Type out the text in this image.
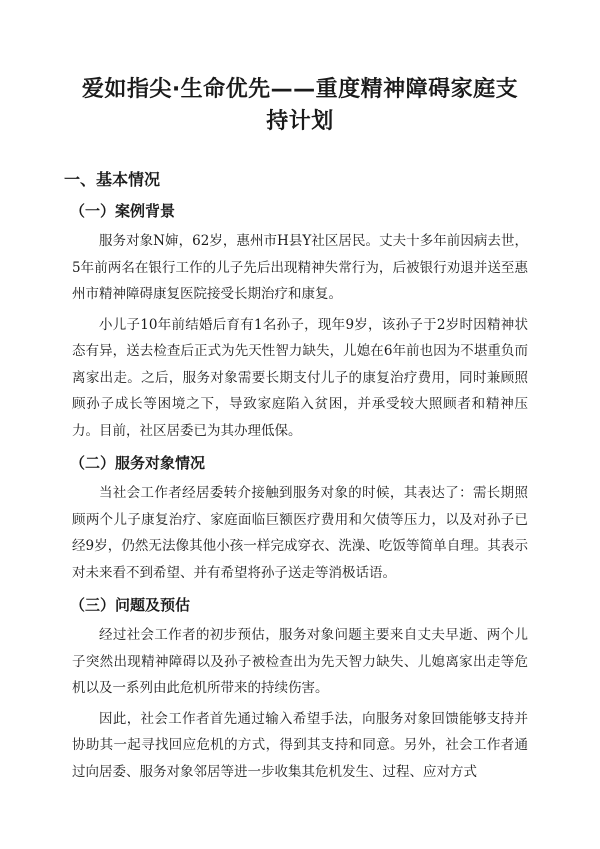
爱如指尖·生命优先——重度精神障碍家庭支持计划
一、基本情况
（一）案例背景

服务对象N婶，62岁，惠州市H县Y社区居民。丈夫十多年前因病去世，5年前两名在银行工作的儿子先后出现精神失常行为，后被银行劝退并送至惠州市精神障碍康复医院接受长期治疗和康复。

小儿子10年前结婚后育有1名孙子，现年9岁，该孙子于2岁时因精神状态有异，送去检查后正式为先天性智力缺失，儿媳在6年前也因为不堪重负而离家出走。之后，服务对象需要长期支付儿子的康复治疗费用，同时兼顾照顾孙子成长等困境之下，导致家庭陷入贫困，并承受较大照顾者和精神压力。目前，社区居委已为其办理低保。

（二）服务对象情况

当社会工作者经居委转介接触到服务对象的时候，其表达了：需长期照顾两个儿子康复治疗、家庭面临巨额医疗费用和欠债等压力，以及对孙子已经9岁，仍然无法像其他小孩一样完成穿衣、洗澡、吃饭等简单自理。其表示对未来看不到希望、并有希望将孙子送走等消极话语。

（三）问题及预估

经过社会工作者的初步预估，服务对象问题主要来自丈夫早逝、两个儿子突然出现精神障碍以及孙子被检查出为先天智力缺失、儿媳离家出走等危机以及一系列由此危机所带来的持续伤害。

因此，社会工作者首先通过输入希望手法，向服务对象回馈能够支持并协助其一起寻找回应危机的方式，得到其支持和同意。另外，社会工作者通过向居委、服务对象邻居等进一步收集其危机发生、过程、应对方式
